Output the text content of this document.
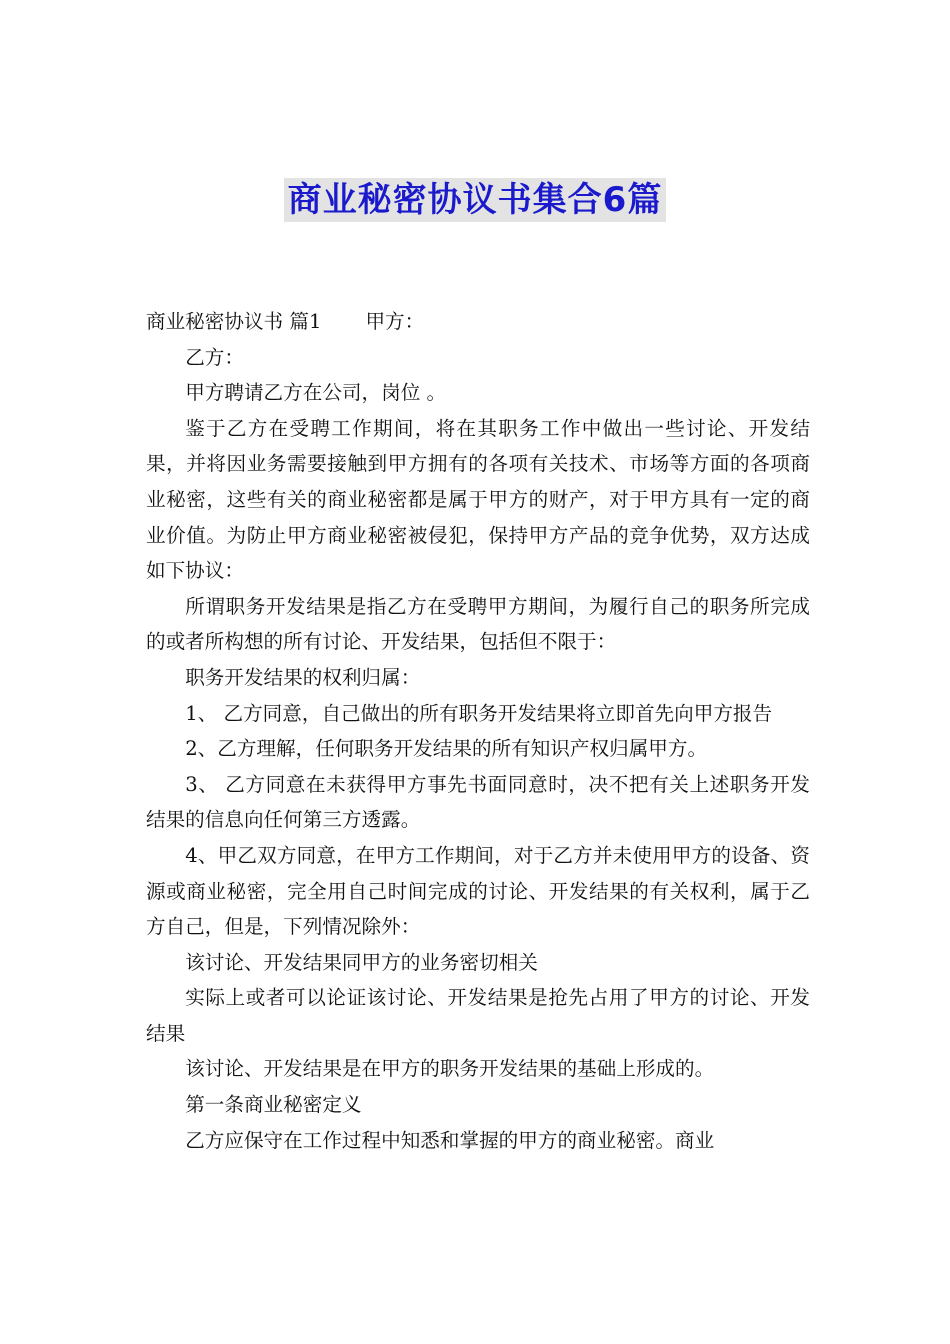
商业秘密协议书集合6篇

商业秘密协议书 篇1 甲方：

乙方：

甲方聘请乙方在公司，岗位 。

鉴于乙方在受聘工作期间，将在其职务工作中做出一些讨论、开发结果，并将因业务需要接触到甲方拥有的各项有关技术、市场等方面的各项商业秘密，这些有关的商业秘密都是属于甲方的财产，对于甲方具有一定的商业价值。为防止甲方商业秘密被侵犯，保持甲方产品的竞争优势，双方达成如下协议：

所谓职务开发结果是指乙方在受聘甲方期间，为履行自己的职务所完成的或者所构想的所有讨论、开发结果，包括但不限于：

职务开发结果的权利归属：

1、 乙方同意，自己做出的所有职务开发结果将立即首先向甲方报告

2、乙方理解，任何职务开发结果的所有知识产权归属甲方。

3、 乙方同意在未获得甲方事先书面同意时，决不把有关上述职务开发结果的信息向任何第三方透露。

4、甲乙双方同意，在甲方工作期间，对于乙方并未使用甲方的设备、资源或商业秘密，完全用自己时间完成的讨论、开发结果的有关权利，属于乙方自己，但是，下列情况除外：

该讨论、开发结果同甲方的业务密切相关

实际上或者可以论证该讨论、开发结果是抢先占用了甲方的讨论、开发结果

该讨论、开发结果是在甲方的职务开发结果的基础上形成的。

第一条商业秘密定义

乙方应保守在工作过程中知悉和掌握的甲方的商业秘密。商业
